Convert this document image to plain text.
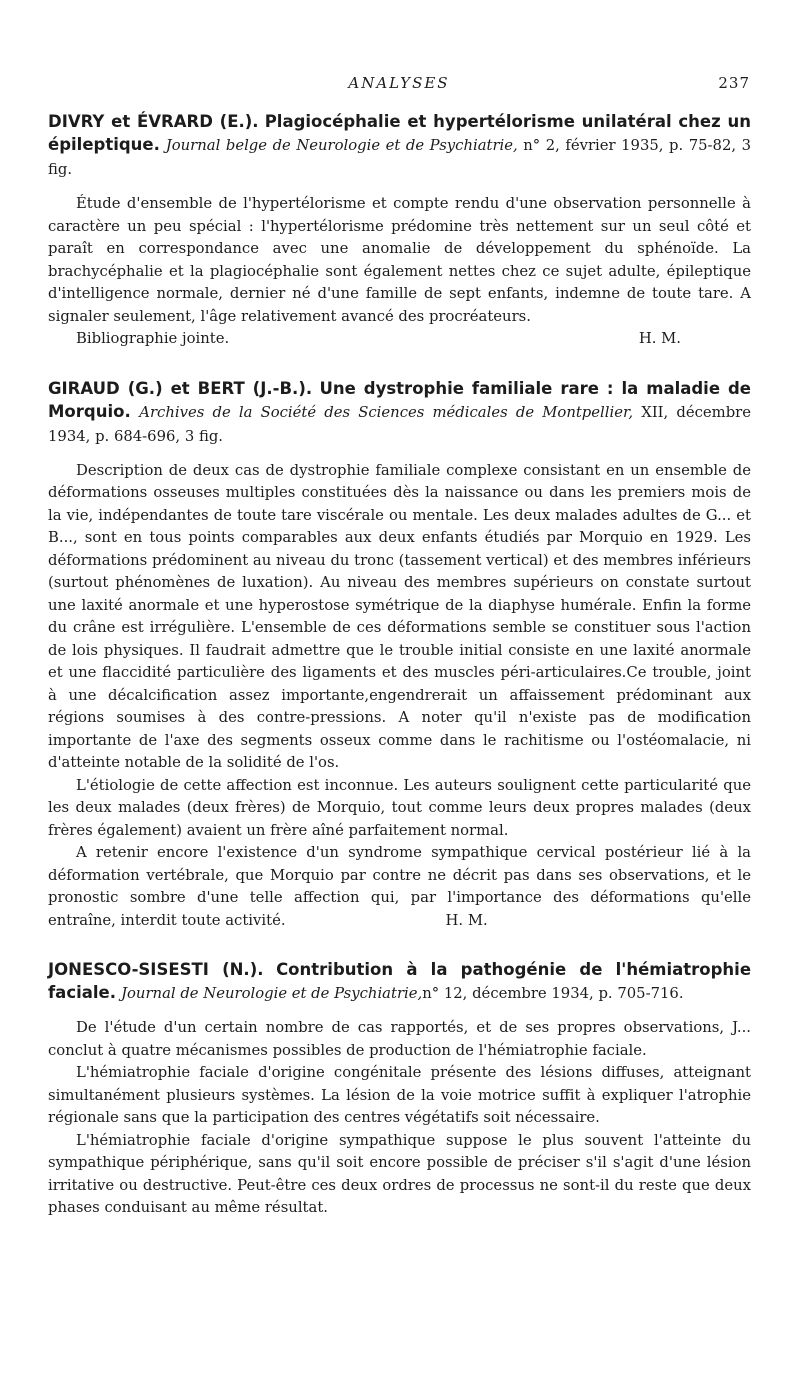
ANALYSES	237

DIVRY et ÉVRARD (E.). Plagiocéphalie et hypertélorisme unilatéral chez un épileptique. Journal belge de Neurologie et de Psychiatrie, n° 2, février 1935, p. 75-82, 3 fig.

Étude d'ensemble de l'hypertélorisme et compte rendu d'une observation personnelle à caractère un peu spécial : l'hypertélorisme prédomine très nettement sur un seul côté et paraît en correspondance avec une anomalie de développement du sphénoïde. La brachycéphalie et la plagiocéphalie sont également nettes chez ce sujet adulte, épileptique d'intelligence normale, dernier né d'une famille de sept enfants, indemne de toute tare. A signaler seulement, l'âge relativement avancé des procréateurs.

Bibliographie jointe.	H. M.

GIRAUD (G.) et BERT (J.-B.). Une dystrophie familiale rare : la maladie de Morquio. Archives de la Société des Sciences médicales de Montpellier, XII, décembre 1934, p. 684-696, 3 fig.

Description de deux cas de dystrophie familiale complexe consistant en un ensemble de déformations osseuses multiples constituées dès la naissance ou dans les premiers mois de la vie, indépendantes de toute tare viscérale ou mentale. Les deux malades adultes de G... et B..., sont en tous points comparables aux deux enfants étudiés par Morquio en 1929. Les déformations prédominent au niveau du tronc (tassement vertical) et des membres inférieurs (surtout phénomènes de luxation). Au niveau des membres supérieurs on constate surtout une laxité anormale et une hyperostose symétrique de la diaphyse humérale. Enfin la forme du crâne est irrégulière. L'ensemble de ces déformations semble se constituer sous l'action de lois physiques. Il faudrait admettre que le trouble initial consiste en une laxité anormale et une flaccidité particulière des ligaments et des muscles péri-articulaires.Ce trouble, joint à une décalcification assez importante,engendrerait un affaissement prédominant aux régions soumises à des contre-pressions. A noter qu'il n'existe pas de modification importante de l'axe des segments osseux comme dans le rachitisme ou l'ostéomalacie, ni d'atteinte notable de la solidité de l'os.

L'étiologie de cette affection est inconnue. Les auteurs soulignent cette particularité que les deux malades (deux frères) de Morquio, tout comme leurs deux propres malades (deux frères également) avaient un frère aîné parfaitement normal.

A retenir encore l'existence d'un syndrome sympathique cervical postérieur lié à la déformation vertébrale, que Morquio par contre ne décrit pas dans ses observations, et le pronostic sombre d'une telle affection qui, par l'importance des déformations qu'elle entraîne, interdit toute activité.	H. M.

JONESCO-SISESTI (N.). Contribution à la pathogénie de l'hémiatrophie faciale. Journal de Neurologie et de Psychiatrie,n° 12, décembre 1934, p. 705-716.

De l'étude d'un certain nombre de cas rapportés, et de ses propres observations, J... conclut à quatre mécanismes possibles de production de l'hémiatrophie faciale.

L'hémiatrophie faciale d'origine congénitale présente des lésions diffuses, atteignant simultanément plusieurs systèmes. La lésion de la voie motrice suffit à expliquer l'atrophie régionale sans que la participation des centres végétatifs soit nécessaire.

L'hémiatrophie faciale d'origine sympathique suppose le plus souvent l'atteinte du sympathique périphérique, sans qu'il soit encore possible de préciser s'il s'agit d'une lésion irritative ou destructive. Peut-être ces deux ordres de processus ne sont-il du reste que deux phases conduisant au même résultat.
